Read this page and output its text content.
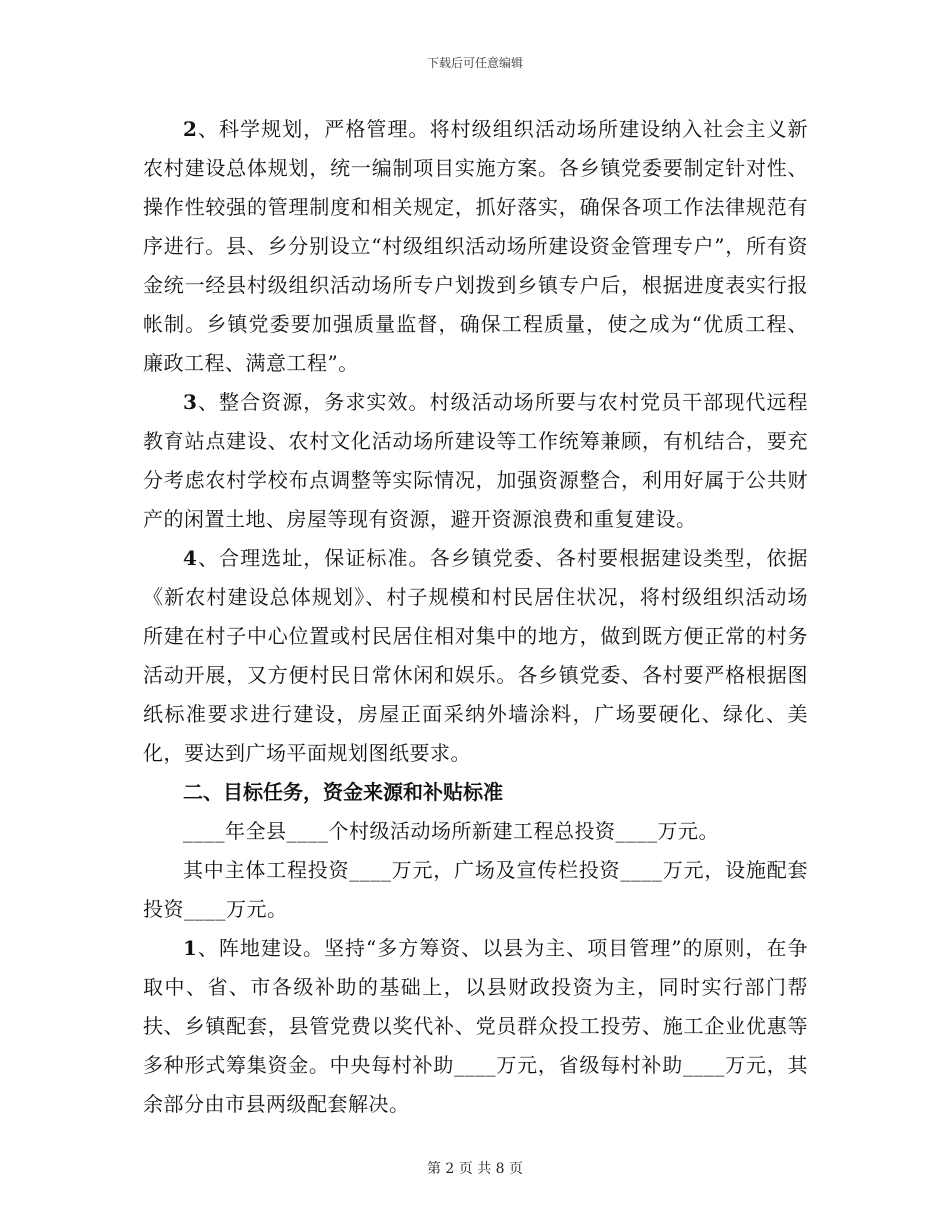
下载后可任意编辑

2、科学规划，严格管理。将村级组织活动场所建设纳入社会主义新农村建设总体规划，统一编制项目实施方案。各乡镇党委要制定针对性、操作性较强的管理制度和相关规定，抓好落实，确保各项工作法律规范有序进行。县、乡分别设立“村级组织活动场所建设资金管理专户”，所有资金统一经县村级组织活动场所专户划拨到乡镇专户后，根据进度表实行报帐制。乡镇党委要加强质量监督，确保工程质量，使之成为“优质工程、廉政工程、满意工程”。

3、整合资源，务求实效。村级活动场所要与农村党员干部现代远程教育站点建设、农村文化活动场所建设等工作统筹兼顾，有机结合，要充分考虑农村学校布点调整等实际情况，加强资源整合，利用好属于公共财产的闲置土地、房屋等现有资源，避开资源浪费和重复建设。

4、合理选址，保证标准。各乡镇党委、各村要根据建设类型，依据《新农村建设总体规划》、村子规模和村民居住状况，将村级组织活动场所建在村子中心位置或村民居住相对集中的地方，做到既方便正常的村务活动开展，又方便村民日常休闲和娱乐。各乡镇党委、各村要严格根据图纸标准要求进行建设，房屋正面采纳外墙涂料，广场要硬化、绿化、美化，要达到广场平面规划图纸要求。

二、目标任务，资金来源和补贴标准

____年全县____个村级活动场所新建工程总投资____万元。

其中主体工程投资____万元，广场及宣传栏投资____万元，设施配套投资____万元。

1、阵地建设。坚持“多方筹资、以县为主、项目管理”的原则，在争取中、省、市各级补助的基础上，以县财政投资为主，同时实行部门帮扶、乡镇配套，县管党费以奖代补、党员群众投工投劳、施工企业优惠等多种形式筹集资金。中央每村补助____万元，省级每村补助____万元，其余部分由市县两级配套解决。

第 2 页 共 8 页
